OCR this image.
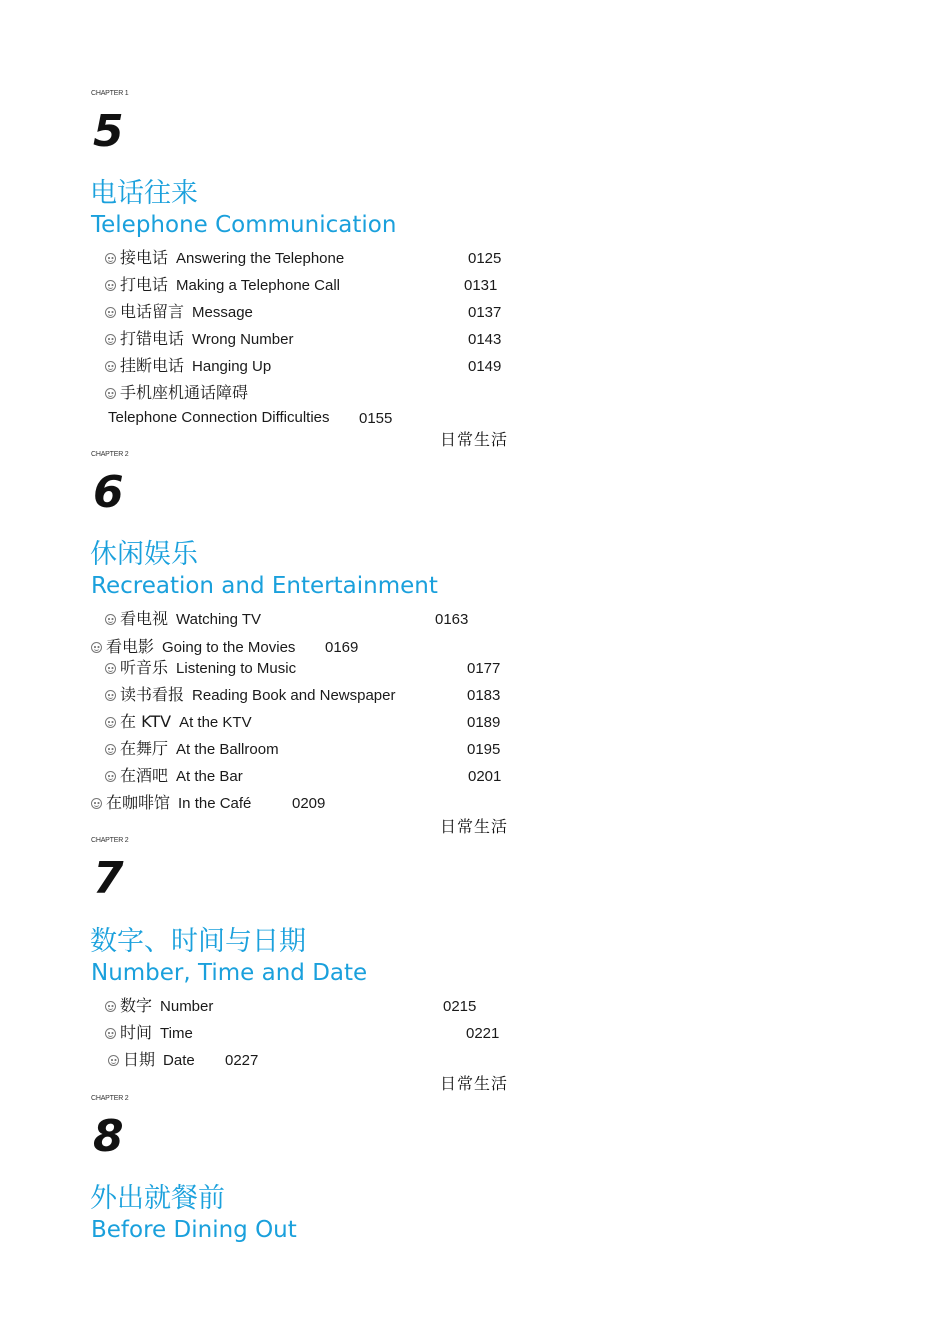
CHAPTER 1
5
电话往来
Telephone Communication
接电话 Answering the Telephone	0125
打电话 Making a Telephone Call	0131
电话留言 Message	0137
打错电话 Wrong Number	0143
挂断电话 Hanging Up	0149
手机座机通话障碍
Telephone Connection Difficulties 0155
日常生活
CHAPTER 2
6
休闲娱乐
Recreation and Entertainment
看电视 Watching TV	0163
看电影 Going to the Movies 0169
听音乐 Listening to Music	0177
读书看报 Reading Book and Newspaper	0183
在 KTV At the KTV	0189
在舞厅 At the Ballroom	0195
在酒吧 At the Bar	0201
在咖啡馆 In the Café	0209
日常生活
CHAPTER 2
7
数字、时间与日期
Number, Time and Date
数字 Number	0215
时间 Time	0221
日期 Date 0227
日常生活
CHAPTER 2
8
外出就餐前
Before Dining Out
